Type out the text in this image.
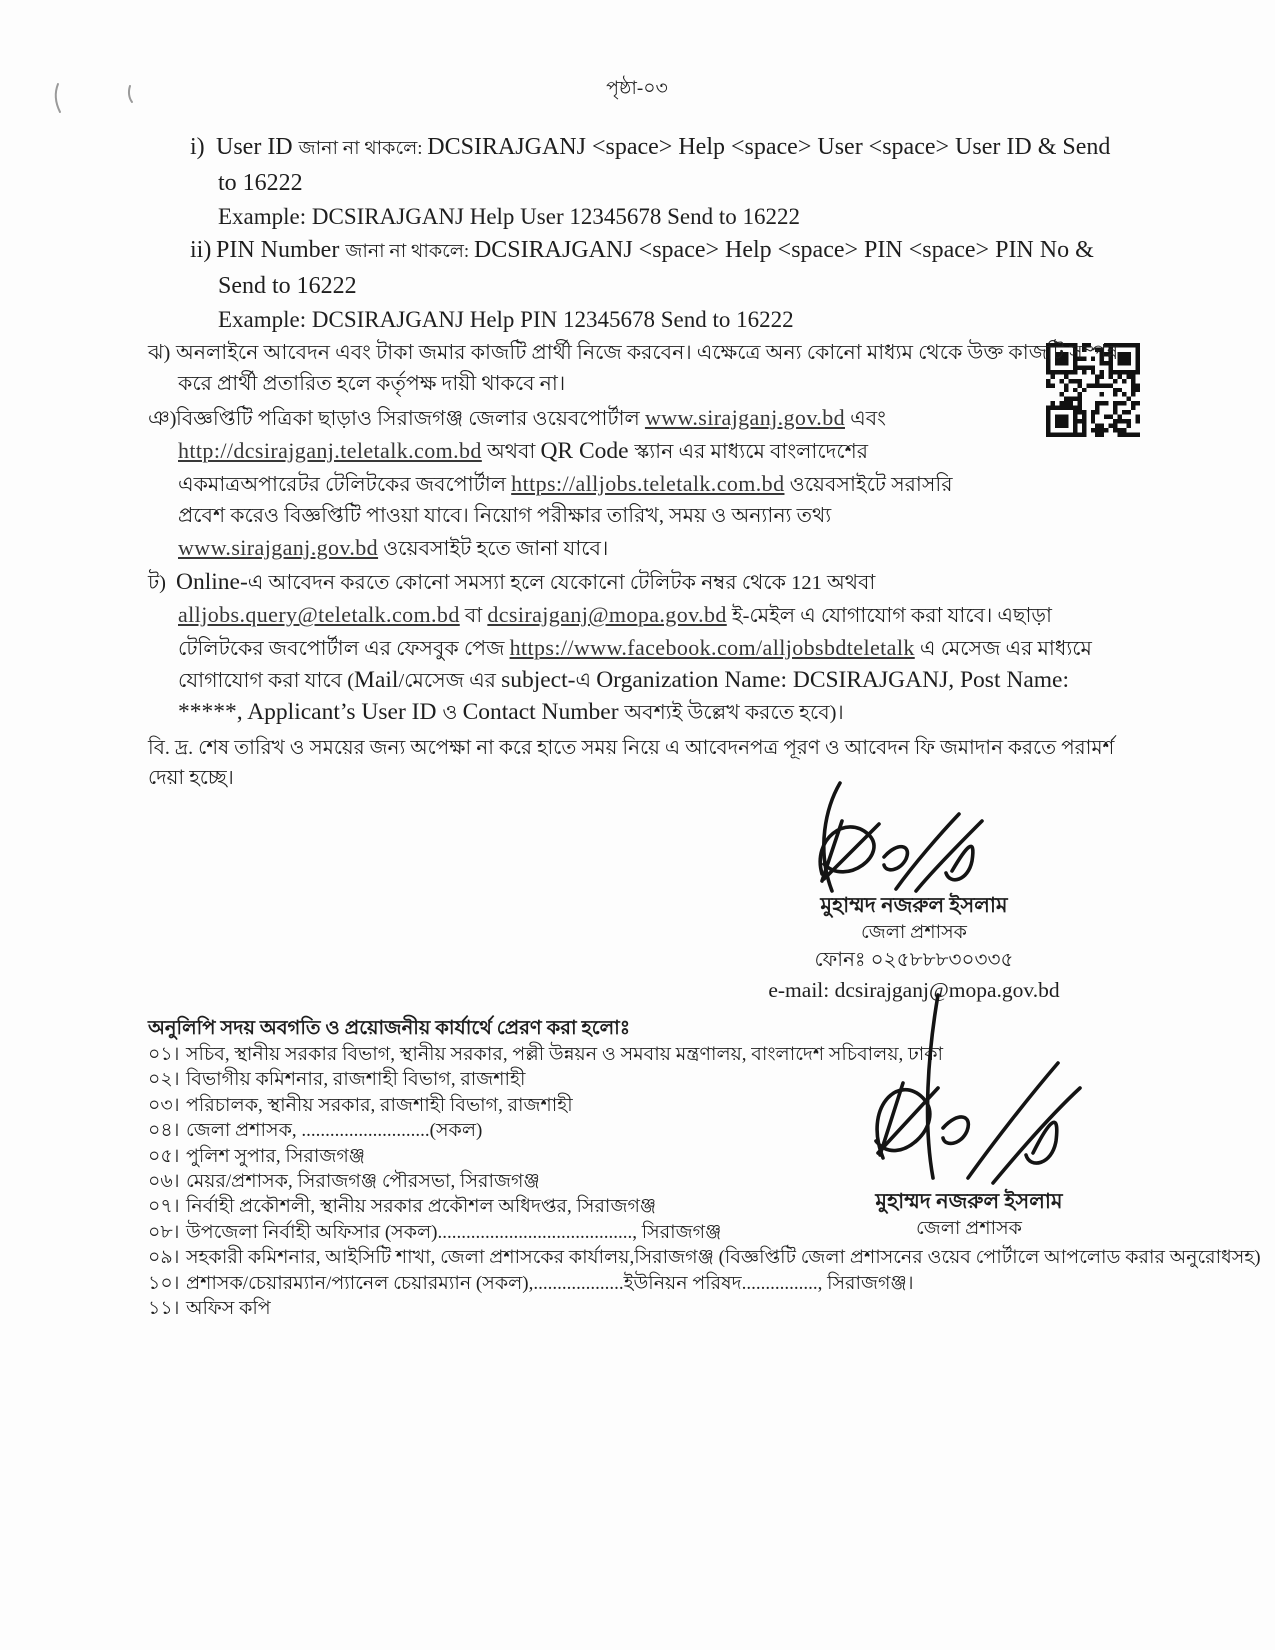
পৃষ্ঠা-০৩
i) User ID জানা না থাকলে: DCSIRAJGANJ <space> Help <space> User <space> User ID & Send to 16222
Example: DCSIRAJGANJ Help User 12345678 Send to 16222
ii) PIN Number জানা না থাকলে: DCSIRAJGANJ <space> Help <space> PIN <space> PIN No & Send to 16222
Example: DCSIRAJGANJ Help PIN 12345678 Send to 16222
ঝ) অনলাইনে আবেদন এবং টাকা জমার কাজটি প্রার্থী নিজে করবেন। এক্ষেত্রে অন্য কোনো মাধ্যম থেকে উক্ত কাজটি সম্পন্ন করে প্রার্থী প্রতারিত হলে কর্তৃপক্ষ দায়ী থাকবে না।
ঞ)বিজ্ঞপ্তিটি পত্রিকা ছাড়াও সিরাজগঞ্জ জেলার ওয়েবপোর্টাল www.sirajganj.gov.bd এবং http://dcsirajganj.teletalk.com.bd অথবা QR Code স্ক্যান এর মাধ্যমে বাংলাদেশের একমাত্রঅপারেটর টেলিটকের জবপোর্টাল https://alljobs.teletalk.com.bd ওয়েবসাইটে সরাসরি প্রবেশ করেও বিজ্ঞপ্তিটি পাওয়া যাবে। নিয়োগ পরীক্ষার তারিখ, সময় ও অন্যান্য তথ্য www.sirajganj.gov.bd ওয়েবসাইট হতে জানা যাবে।
ট) Online-এ আবেদন করতে কোনো সমস্যা হলে যেকোনো টেলিটক নম্বর থেকে 121 অথবা alljobs.query@teletalk.com.bd বা dcsirajganj@mopa.gov.bd ই-মেইল এ যোগাযোগ করা যাবে। এছাড়া টেলিটকের জবপোর্টাল এর ফেসবুক পেজ https://www.facebook.com/alljobsbdteletalk এ মেসেজ এর মাধ্যমে যোগাযোগ করা যাবে (Mail/মেসেজ এর subject-এ Organization Name: DCSIRAJGANJ, Post Name: *****, Applicant’s User ID ও Contact Number অবশ্যই উল্লেখ করতে হবে)।
বি. দ্র. শেষ তারিখ ও সময়ের জন্য অপেক্ষা না করে হাতে সময় নিয়ে এ আবেদনপত্র পূরণ ও আবেদন ফি জমাদান করতে পরামর্শ দেয়া হচ্ছে।
মুহাম্মদ নজরুল ইসলাম
জেলা প্রশাসক
ফোনঃ ০২৫৮৮৮৩০৩৩৫
e-mail: dcsirajganj@mopa.gov.bd
অনুলিপি সদয় অবগতি ও প্রয়োজনীয় কার্যার্থে প্রেরণ করা হলোঃ
০১। সচিব, স্থানীয় সরকার বিভাগ, স্থানীয় সরকার, পল্লী উন্নয়ন ও সমবায় মন্ত্রণালয়, বাংলাদেশ সচিবালয়, ঢাকা
০২। বিভাগীয় কমিশনার, রাজশাহী বিভাগ, রাজশাহী
০৩। পরিচালক, স্থানীয় সরকার, রাজশাহী বিভাগ, রাজশাহী
০৪। জেলা প্রশাসক, ...........................(সকল)
০৫। পুলিশ সুপার, সিরাজগঞ্জ
০৬। মেয়র/প্রশাসক, সিরাজগঞ্জ পৌরসভা, সিরাজগঞ্জ
০৭। নির্বাহী প্রকৌশলী, স্থানীয় সরকার প্রকৌশল অধিদপ্তর, সিরাজগঞ্জ
০৮। উপজেলা নির্বাহী অফিসার (সকল)........................................., সিরাজগঞ্জ
০৯। সহকারী কমিশনার, আইসিটি শাখা, জেলা প্রশাসকের কার্যালয়,সিরাজগঞ্জ (বিজ্ঞপ্তিটি জেলা প্রশাসনের ওয়েব পোর্টালে আপলোড করার অনুরোধসহ)
১০। প্রশাসক/চেয়ারম্যান/প্যানেল চেয়ারম্যান (সকল),...................ইউনিয়ন পরিষদ................, সিরাজগঞ্জ।
১১। অফিস কপি
মুহাম্মদ নজরুল ইসলাম
জেলা প্রশাসক
